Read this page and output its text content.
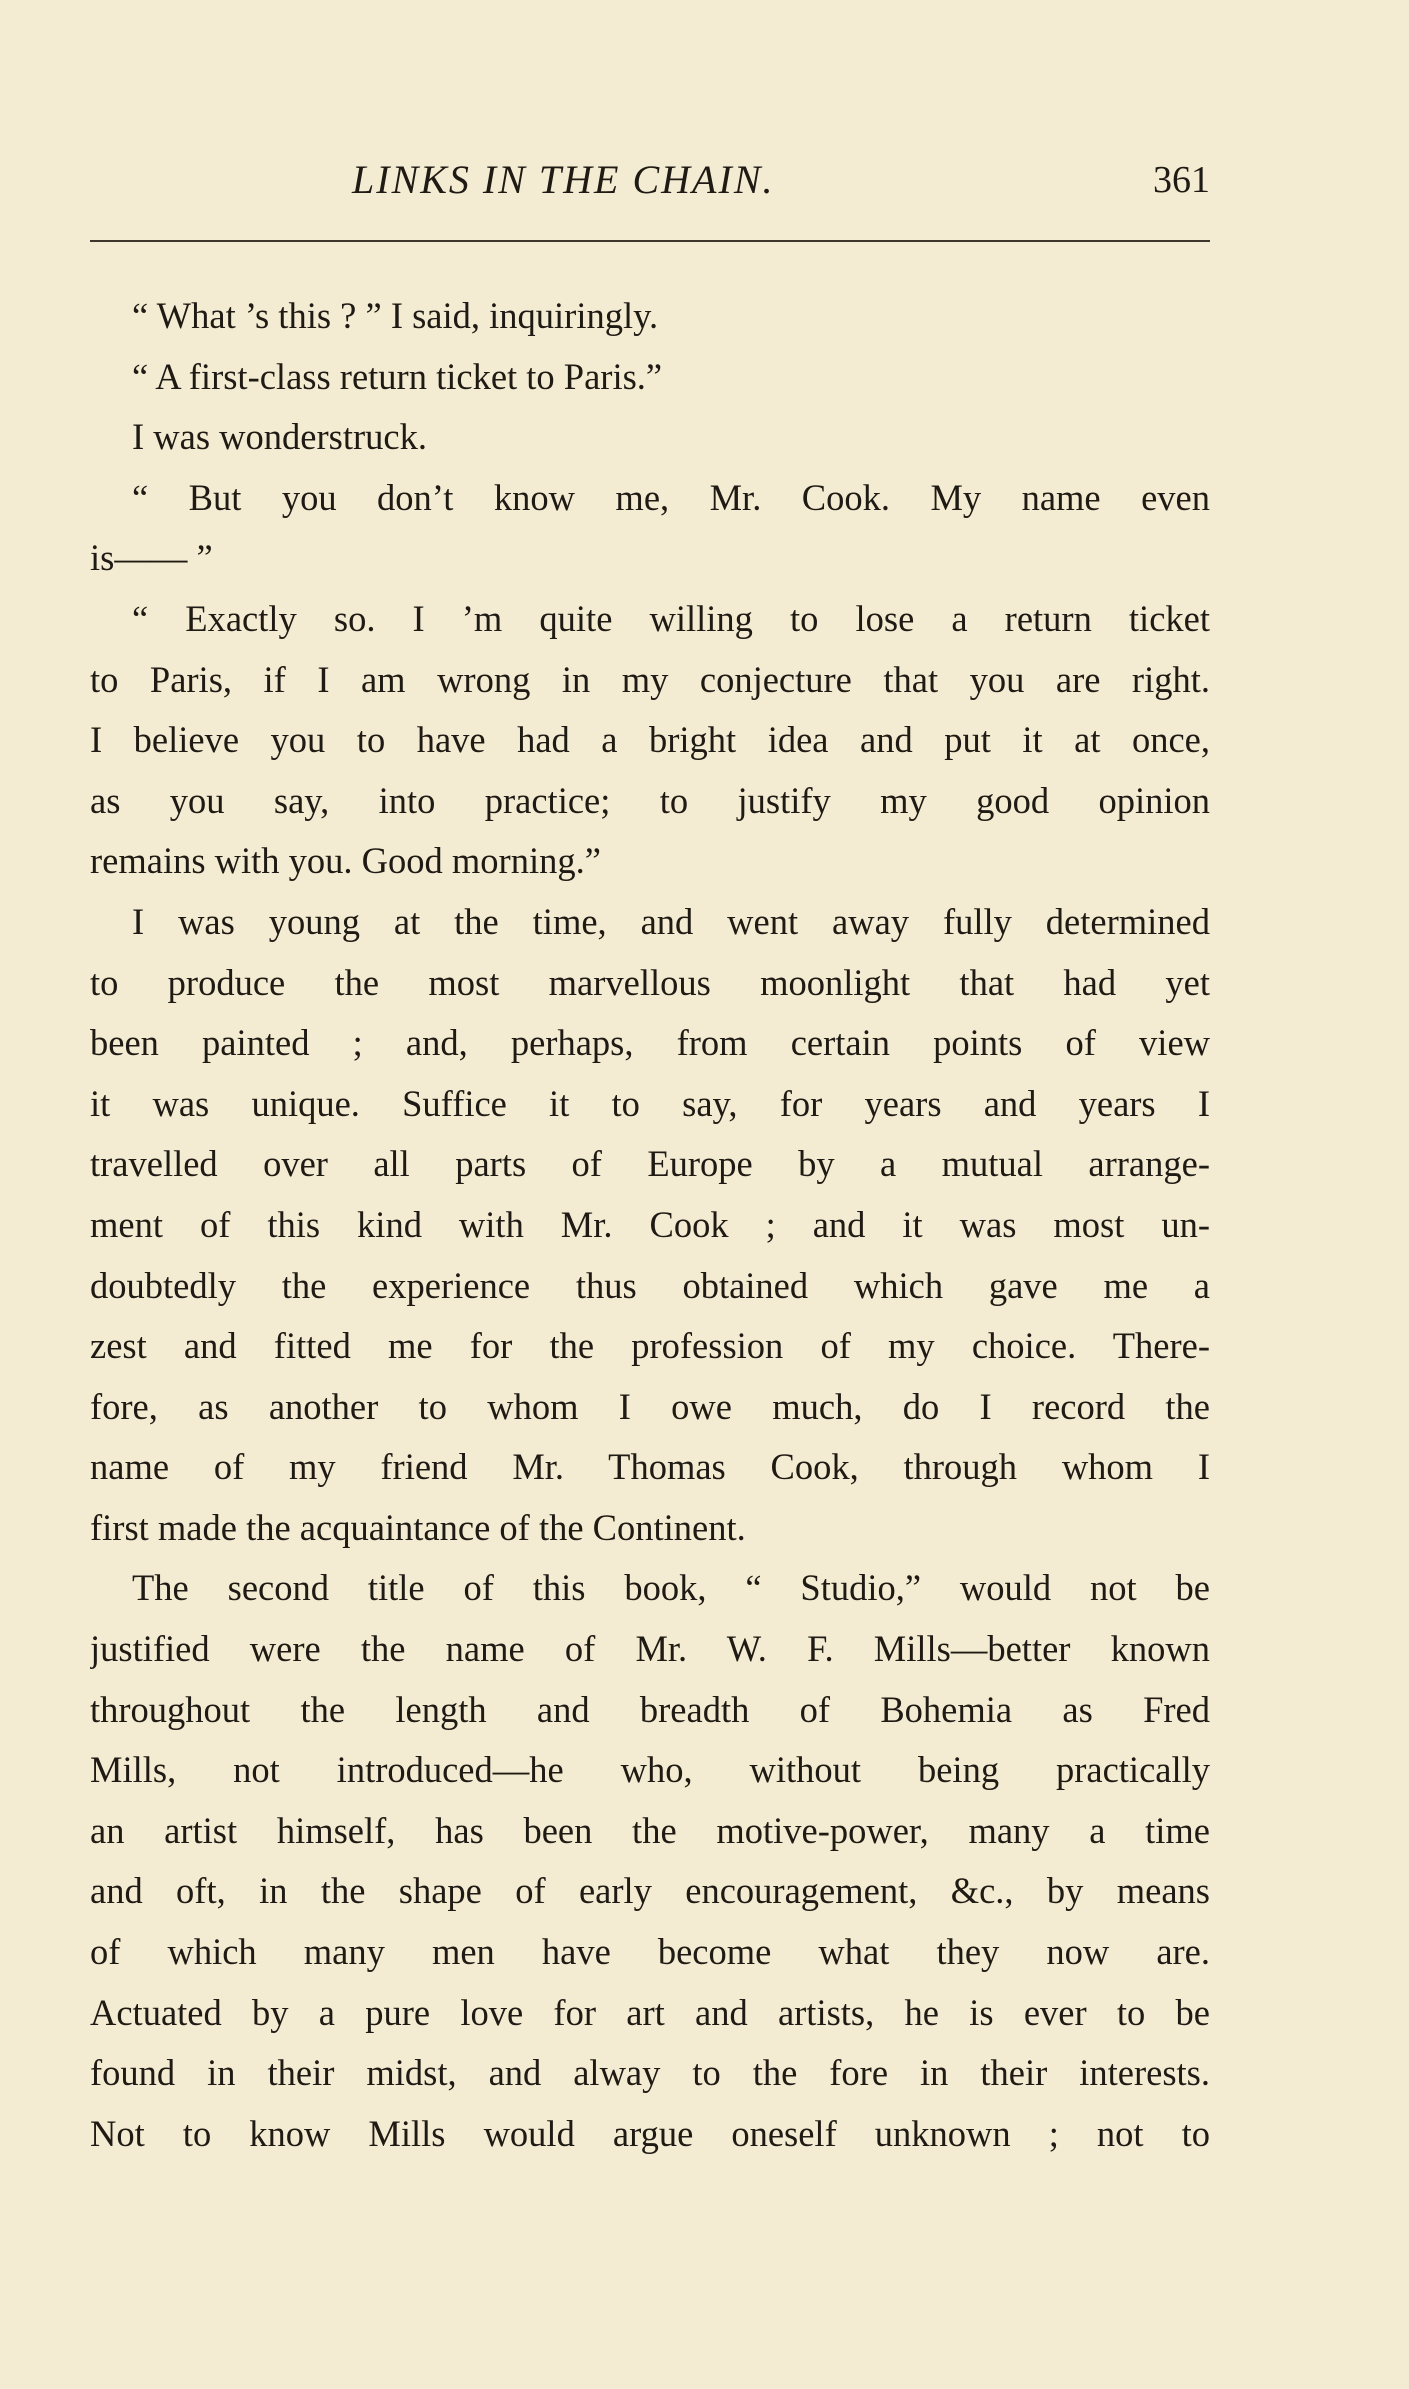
LINKS IN THE CHAIN.	361
“ What ’s this ? ” I said, inquiringly.
“ A first-class return ticket to Paris.”
I was wonderstruck.
“ But you don’t know me, Mr. Cook. My name even
is—— ”
“ Exactly so. I ’m quite willing to lose a return ticket
to Paris, if I am wrong in my conjecture that you are right.
I believe you to have had a bright idea and put it at once,
as you say, into practice; to justify my good opinion
remains with you. Good morning.”
I was young at the time, and went away fully determined
to produce the most marvellous moonlight that had yet
been painted ; and, perhaps, from certain points of view
it was unique. Suffice it to say, for years and years I
travelled over all parts of Europe by a mutual arrange-
ment of this kind with Mr. Cook ; and it was most un-
doubtedly the experience thus obtained which gave me a
zest and fitted me for the profession of my choice. There-
fore, as another to whom I owe much, do I record the
name of my friend Mr. Thomas Cook, through whom I
first made the acquaintance of the Continent.
The second title of this book, “ Studio,” would not be
justified were the name of Mr. W. F. Mills—better known
throughout the length and breadth of Bohemia as Fred
Mills, not introduced—he who, without being practically
an artist himself, has been the motive-power, many a time
and oft, in the shape of early encouragement, &c., by means
of which many men have become what they now are.
Actuated by a pure love for art and artists, he is ever to be
found in their midst, and alway to the fore in their interests.
Not to know Mills would argue oneself unknown ; not to
